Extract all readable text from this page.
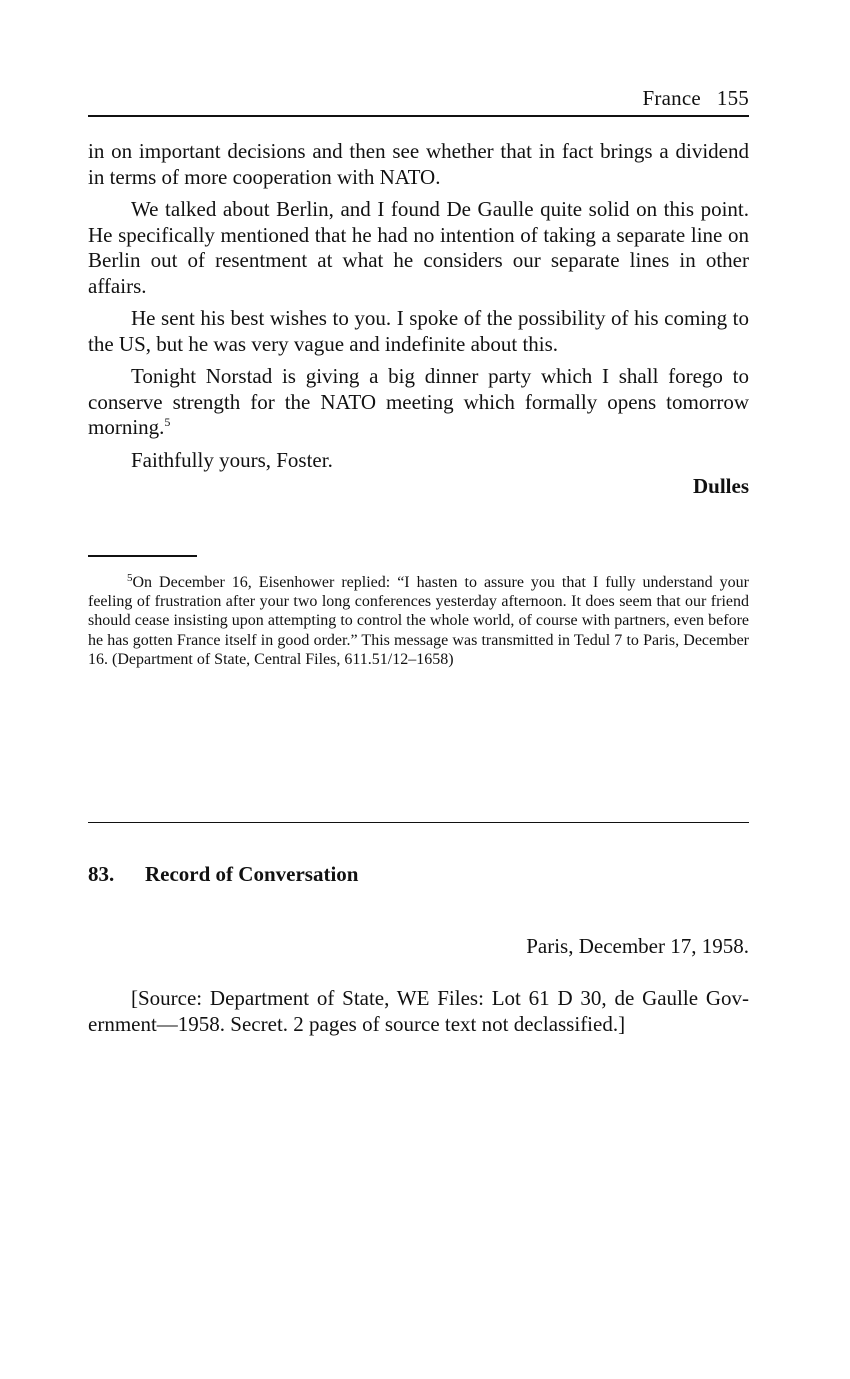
France 155

in on important decisions and then see whether that in fact brings a dividend in terms of more cooperation with NATO.

We talked about Berlin, and I found De Gaulle quite solid on this point. He specifically mentioned that he had no intention of taking a separate line on Berlin out of resentment at what he considers our separate lines in other affairs.

He sent his best wishes to you. I spoke of the possibility of his coming to the US, but he was very vague and indefinite about this.

Tonight Norstad is giving a big dinner party which I shall forego to conserve strength for the NATO meeting which formally opens tomorrow morning.$^5$

Faithfully yours, Foster.

Dulles
$^5$On December 16, Eisenhower replied: “I hasten to assure you that I fully understand your feeling of frustration after your two long conferences yesterday afternoon. It does seem that our friend should cease insisting upon attempting to control the whole world, of course with partners, even before he has gotten France itself in good order.” This message was transmitted in Tedul 7 to Paris, December 16. (Department of State, Central Files, 611.51/12–1658)
83. Record of Conversation
Paris, December 17, 1958.
[Source: Department of State, WE Files: Lot 61 D 30, de Gaulle Government—1958. Secret. 2 pages of source text not declassified.]
